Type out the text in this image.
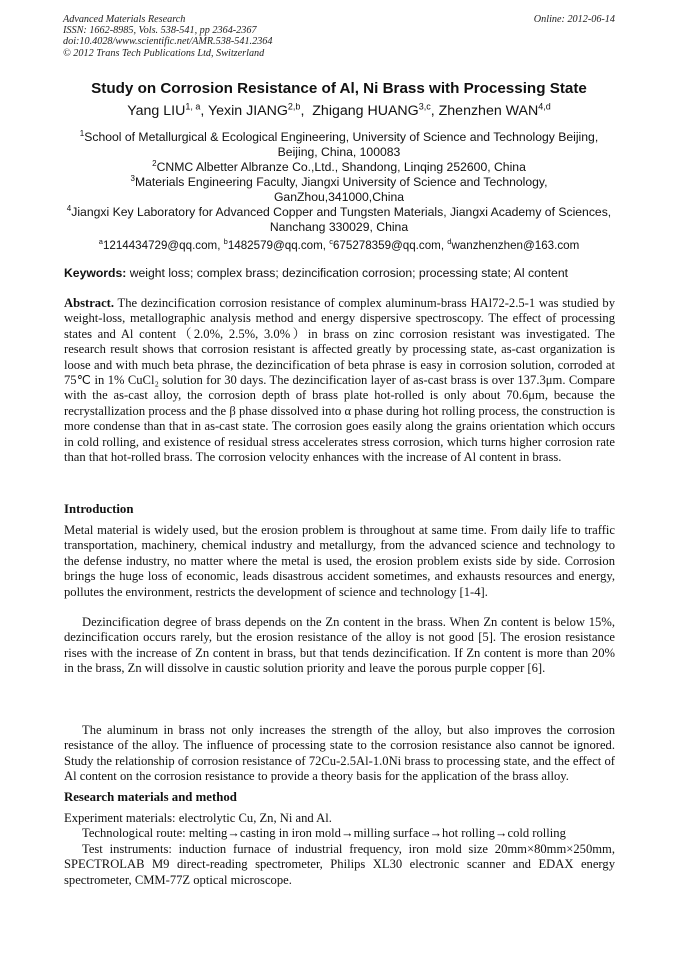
Advanced Materials Research
ISSN: 1662-8985, Vols. 538-541, pp 2364-2367
doi:10.4028/www.scientific.net/AMR.538-541.2364
© 2012 Trans Tech Publications Ltd, Switzerland
Online: 2012-06-14
Study on Corrosion Resistance of Al, Ni Brass with Processing State
Yang LIU$^{1, a}$, Yexin JIANG$^{2,b}$,  Zhigang HUANG$^{3,c}$, Zhenzhen WAN$^{4,d}$
$^1$School of Metallurgical & Ecological Engineering, University of Science and Technology Beijing, Beijing, China, 100083
$^2$CNMC Albetter Albranze Co.,Ltd., Shandong, Linqing 252600, China
$^3$Materials Engineering Faculty, Jiangxi University of Science and Technology, GanZhou,341000,China
$^4$Jiangxi Key Laboratory for Advanced Copper and Tungsten Materials, Jiangxi Academy of Sciences, Nanchang 330029, China
$^a$1214434729@qq.com, $^b$1482579@qq.com, $^c$675278359@qq.com, $^d$wanzhenzhen@163.com
Keywords: weight loss; complex brass; dezincification corrosion; processing state; Al content
Abstract. The dezincification corrosion resistance of complex aluminum-brass HAl72-2.5-1 was studied by weight-loss, metallographic analysis method and energy dispersive spectroscopy. The effect of processing states and Al content（2.0%, 2.5%, 3.0%）in brass on zinc corrosion resistant was investigated. The research result shows that corrosion resistant is affected greatly by processing state, as-cast organization is loose and with much beta phrase, the dezincification of beta phrase is easy in corrosion solution, corroded at 75℃ in 1% CuCl₂ solution for 30 days. The dezincification layer of as-cast brass is over 137.3μm. Compare with the as-cast alloy, the corrosion depth of brass plate hot-rolled is only about 70.6μm, because the recrystallization process and the β phase dissolved into α phase during hot rolling process, the construction is more condense than that in as-cast state. The corrosion goes easily along the grains orientation which occurs in cold rolling, and existence of residual stress accelerates stress corrosion, which turns higher corrosion rate than that hot-rolled brass. The corrosion velocity enhances with the increase of Al content in brass.
Introduction
Metal material is widely used, but the erosion problem is throughout at same time. From daily life to traffic transportation, machinery, chemical industry and metallurgy, from the advanced science and technology to the defense industry, no matter where the metal is used, the erosion problem exists side by side. Corrosion brings the huge loss of economic, leads disastrous accident sometimes, and exhausts resources and energy, pollutes the environment, restricts the development of science and technology [1-4].
Dezincification degree of brass depends on the Zn content in the brass. When Zn content is below 15%, dezincification occurs rarely, but the erosion resistance of the alloy is not good [5]. The erosion resistance rises with the increase of Zn content in brass, but that tends dezincification. If Zn content is more than 20% in the brass, Zn will dissolve in caustic solution priority and leave the porous purple copper [6].
The aluminum in brass not only increases the strength of the alloy, but also improves the corrosion resistance of the alloy. The influence of processing state to the corrosion resistance also cannot be ignored. Study the relationship of corrosion resistance of 72Cu-2.5Al-1.0Ni brass to processing state, and the effect of Al content on the corrosion resistance to provide a theory basis for the application of the brass alloy.
Research materials and method
Experiment materials: electrolytic Cu, Zn, Ni and Al.
Technological route: melting→casting in iron mold→milling surface→hot rolling→cold rolling
Test instruments: induction furnace of industrial frequency, iron mold size 20mm×80mm×250mm, SPECTROLAB M9 direct-reading spectrometer, Philips XL30 electronic scanner and EDAX energy spectrometer, CMM-77Z optical microscope.
